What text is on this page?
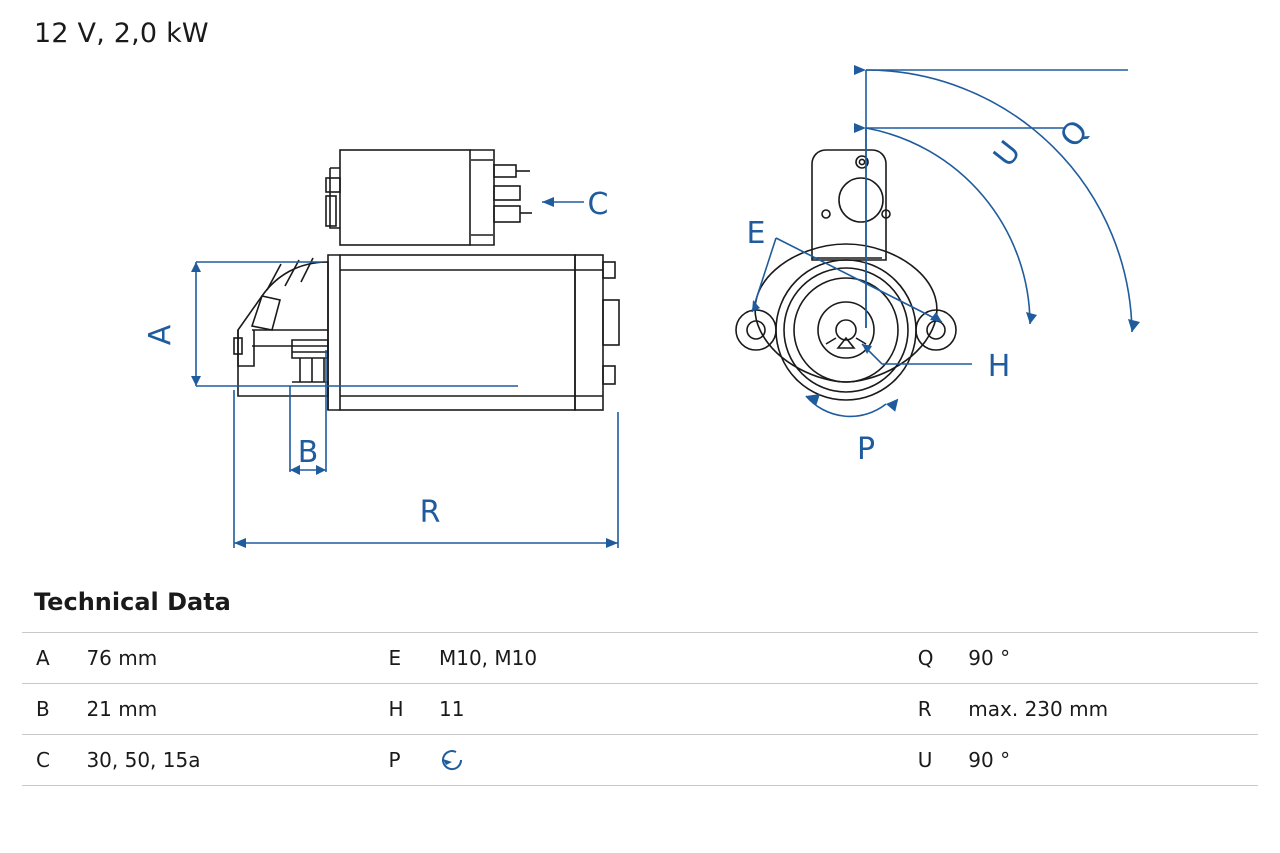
12 V, 2,0 kW
A
B
C
R
E
H
P
U Q
Technical Data
A	76 mm	E	M10, M10	Q	90 °
B	21 mm	H	11	R	max. 230 mm
C	30, 50, 15a	P		U	90 °
